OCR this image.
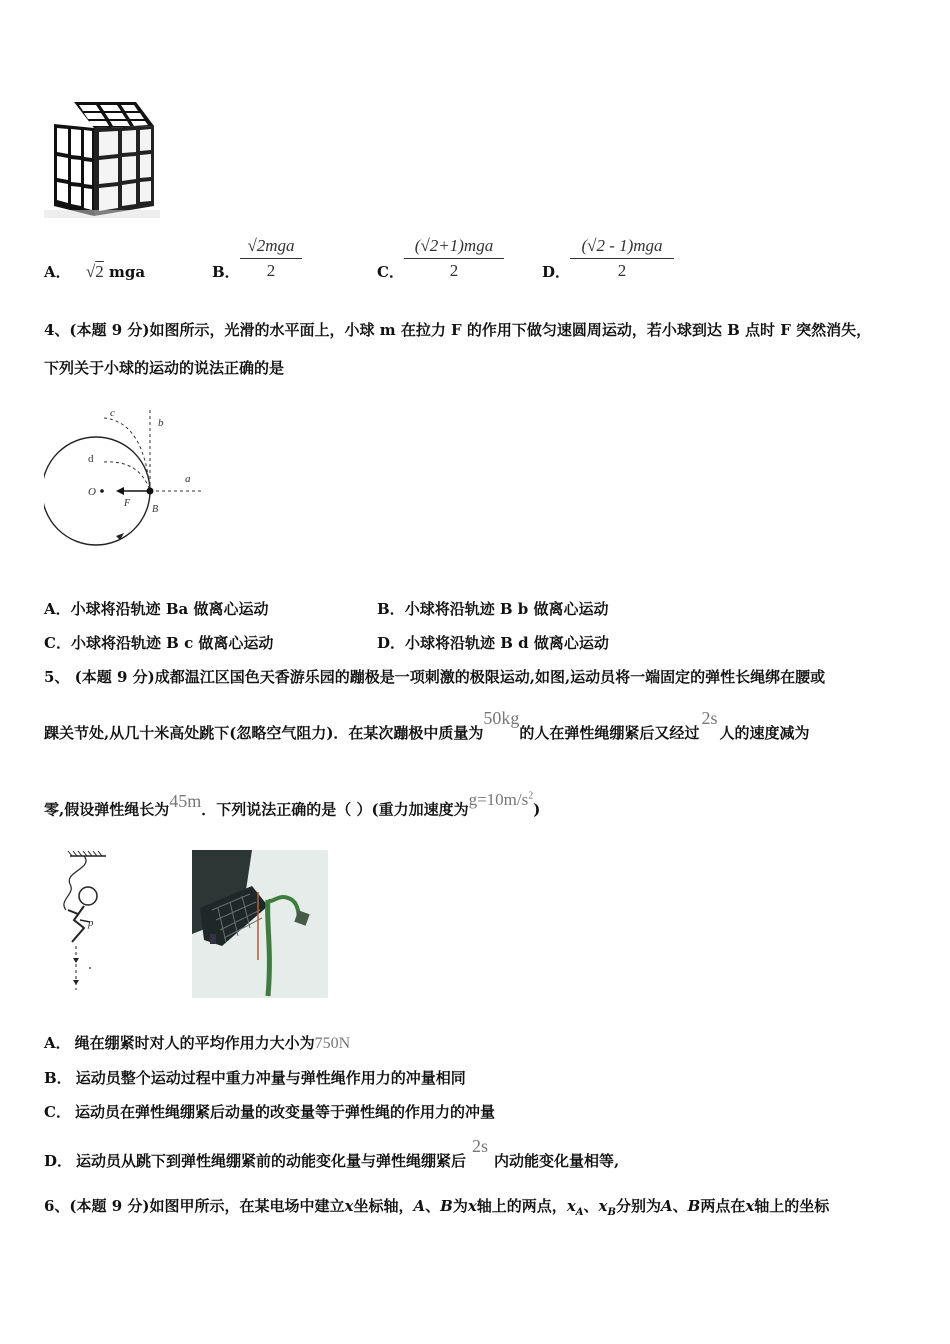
A． √2 mga	B．
√2mga
2	C．
(√2+1)mga
2	D．
(√2 - 1)mga
2
4、(本题 9 分)如图所示，光滑的水平面上，小球 m 在拉力 F 的作用下做匀速圆周运动，若小球到达 B 点时 F 突然消失，
下列关于小球的运动的说法正确的是
c
b
d
a
O
F
B
A．小球将沿轨迹 Ba 做离心运动	B．小球将沿轨迹 B b 做离心运动
C．小球将沿轨迹 B c 做离心运动	D．小球将沿轨迹 B d 做离心运动
5、 (本题 9 分)成都温江区国色天香游乐园的蹦极是一项刺激的极限运动,如图,运动员将一端固定的弹性长绳绑在腰或
踝关节处,从几十米高处跳下(忽略空气阻力)．在某次蹦极中质量为50kg的人在弹性绳绷紧后又经过2s人的速度减为
零,假设弹性绳长为45m．下列说法正确的是（ ）(重力加速度为$g=10m/s^2$)
p
A． 绳在绷紧时对人的平均作用力大小为750N
B． 运动员整个运动过程中重力冲量与弹性绳作用力的冲量相同
C． 运动员在弹性绳绷紧后动量的改变量等于弹性绳的作用力的冲量
D． 运动员从跳下到弹性绳绷紧前的动能变化量与弹性绳绷紧后2s内动能变化量相等,
6、(本题 9 分)如图甲所示，在某电场中建立x坐标轴，A、B为x轴上的两点，$x_A$、$x_B$分别为A、B两点在x轴上的坐标
